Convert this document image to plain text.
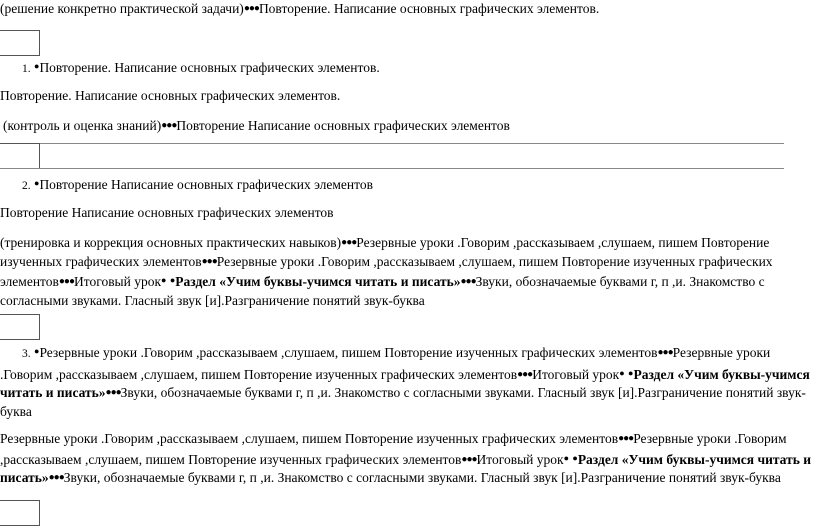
(решение конкретно практической задачи)●●●Повторение. Написание основных графических элементов.
1. ●Повторение. Написание основных графических элементов.
Повторение. Написание основных графических элементов.
(контроль и оценка знаний)●●●Повторение Написание основных графических элементов
2. ●Повторение Написание основных графических элементов
Повторение Написание основных графических элементов
(тренировка и коррекция основных практических навыков)●●●Резервные уроки .Говорим ,рассказываем ,слушаем, пишем Повторение изученных графических элементов●●●Резервные уроки .Говорим ,рассказываем ,слушаем, пишем Повторение изученных графических элементов●●●Итоговый урок● ●Раздел «Учим буквы-учимся читать и писать»●●●Звуки, обозначаемые буквами г, п ,и. Знакомство с согласными звуками. Гласный звук [и].Разграничение понятий звук-буква
3. ●Резервные уроки .Говорим ,рассказываем ,слушаем, пишем Повторение изученных графических элементов●●●Резервные уроки .Говорим ,рассказываем ,слушаем, пишем Повторение изученных графических элементов●●●Итоговый урок● ●Раздел «Учим буквы-учимся читать и писать»●●●Звуки, обозначаемые буквами г, п ,и. Знакомство с согласными звуками. Гласный звук [и].Разграничение понятий звук-буква
Резервные уроки .Говорим ,рассказываем ,слушаем, пишем Повторение изученных графических элементов●●●Резервные уроки .Говорим ,рассказываем ,слушаем, пишем Повторение изученных графических элементов●●●Итоговый урок● ●Раздел «Учим буквы-учимся читать и писать»●●●Звуки, обозначаемые буквами г, п ,и. Знакомство с согласными звуками. Гласный звук [и].Разграничение понятий звук-буква
